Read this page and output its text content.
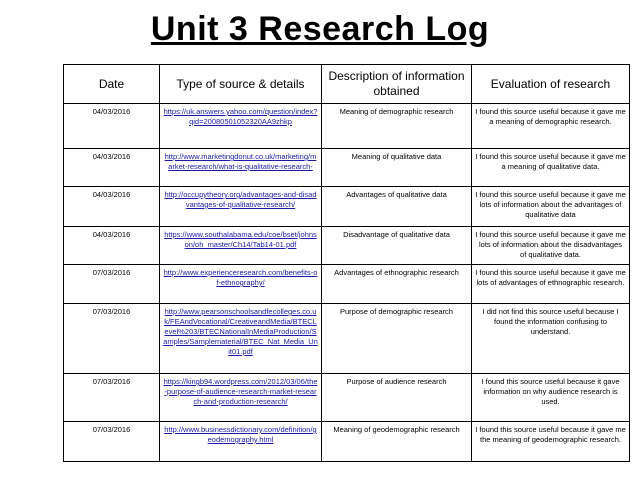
Unit 3 Research Log
Date	Type of source & details	Description of information obtained	Evaluation of research
04/03/2016	https://uk.answers.yahoo.com/question/index?qid=20080501052320AA9zhkp	Meaning of demographic research	I found this source useful because it gave me a meaning of demographic research.
04/03/2016	http://www.marketingdonut.co.uk/marketing/market-research/what-is-qualitative-research-	Meaning of qualitative data	I found this source useful because it gave me a meaning of qualitative data.
04/03/2016	http://occupytheory.org/advantages-and-disadvantages-of-qualitative-research/	Advantages of qualitative data	I found this source useful because it gave me lots of information about the advantages of qualitative data
04/03/2016	https://www.southalabama.edu/coe/bset/johnson/oh_master/Ch14/Tab14-01.pdf	Disadvantage of qualitative data	I found this source useful because it gave me lots of information about the disadvantages of qualitative data.
07/03/2016	http://www.experienceresearch.com/benefits-of-ethnography/	Advantages of ethnographic research	I found this source useful because it gave me lots of advantages of ethnographic research.
07/03/2016	http://www.pearsonschoolsandfecolleges.co.uk/FEAndVocational/CreativeandMedia/BTECLevel%203/BTECNationalInMediaProduction/Samples/Samplematerial/BTEC_Nat_Media_Unit01.pdf	Purpose of demographic research	I did not find this source useful because I found the information confusing to understand.
07/03/2016	https://kingb94.wordpress.com/2012/03/06/the-purpose-of-audience-research-market-research-and-production-research/	Purpose of audience research	I found this source useful because it gave information on why audience research is used.
07/03/2016	http://www.businessdictionary.com/definition/geodemography.html	Meaning of geodemographic research	I found this source useful because it gave me the meaning of geodemographic research.
